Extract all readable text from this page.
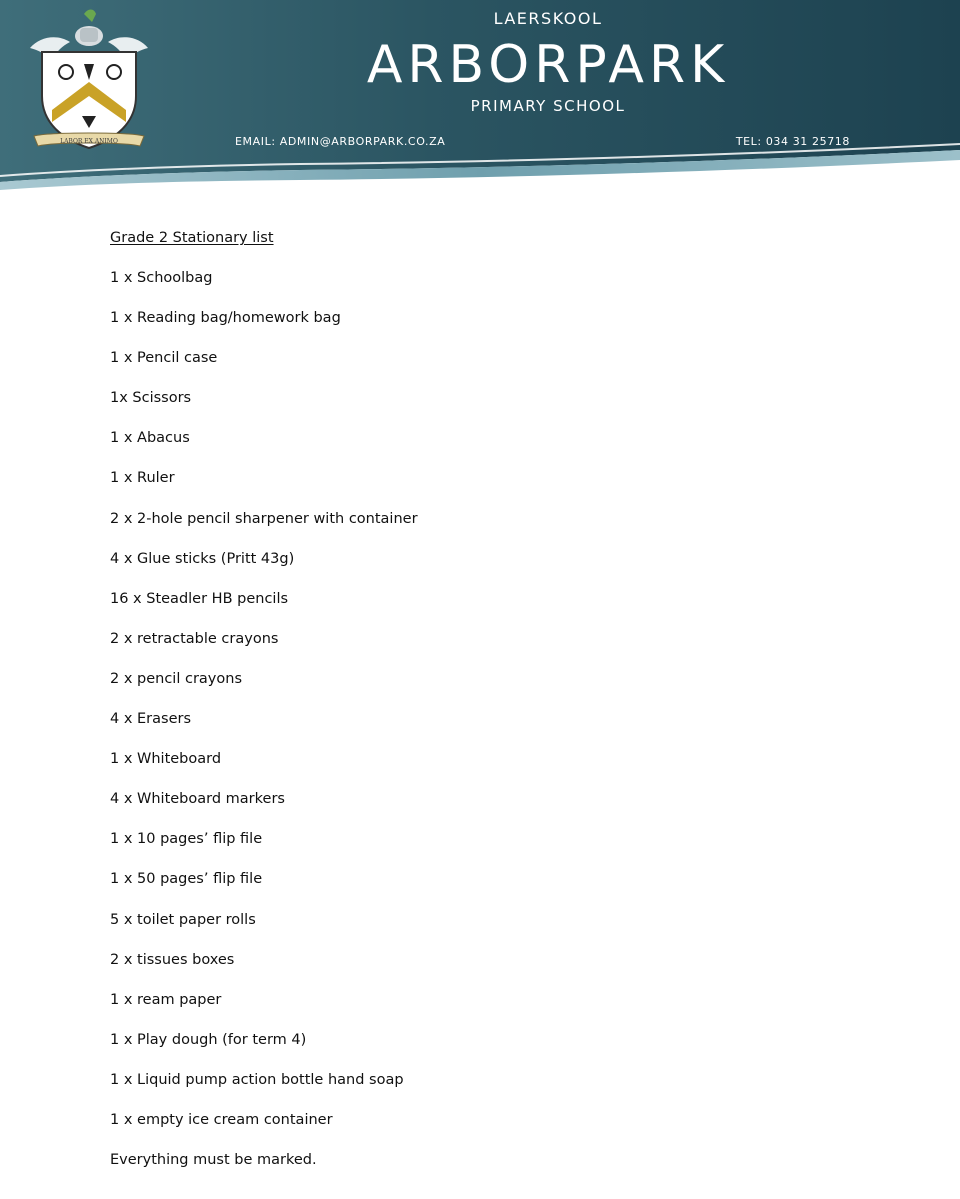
LABOR EX ANIMO
LAERSKOOL
ARBORPARK
PRIMARY SCHOOL
EMAIL: ADMIN@ARBORPARK.CO.ZA	TEL: 034 31 25718
Grade 2 Stationary list
1 x Schoolbag
1 x Reading bag/homework bag
1 x Pencil case
1x Scissors
1 x Abacus
1 x Ruler
2 x 2-hole pencil sharpener with container
4 x Glue sticks (Pritt 43g)
16 x Steadler HB pencils
2 x retractable crayons
2 x pencil crayons
4 x Erasers
1 x Whiteboard
4 x Whiteboard markers
1 x 10 pages’ flip file
1 x 50 pages’ flip file
5 x toilet paper rolls
2 x tissues boxes
1 x ream paper
1 x Play dough (for term 4)
1 x Liquid pump action bottle hand soap
1 x empty ice cream container
Everything must be marked.
